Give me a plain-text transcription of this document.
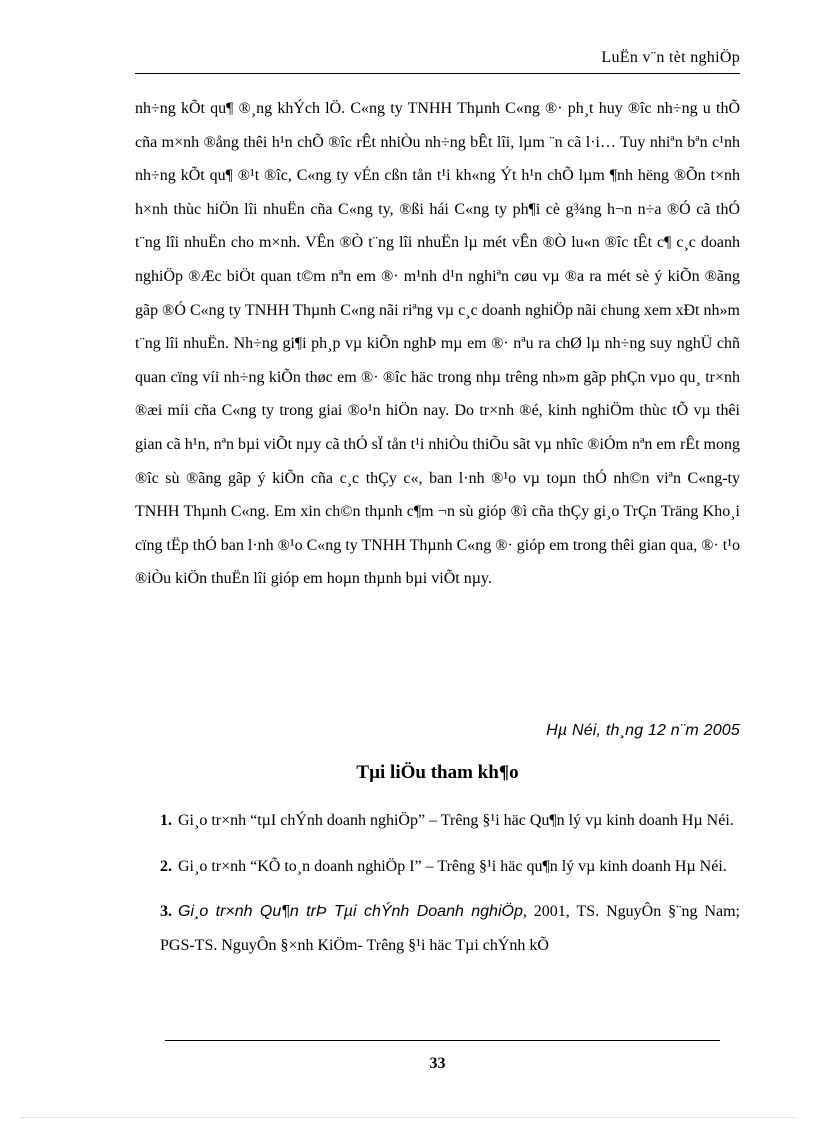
LuËn v¨n tèt nghiÖp

nh÷ng kÕt qu¶ ®¸ng khÝch lÖ. C«ng ty TNHH Thµnh C«ng ®· ph¸t huy ®îc nh÷ng u thÕ cña m×nh ®ång thêi h¹n chÕ ®îc rÊt nhiÒu nh÷ng bÊt lîi, lµm ¨n cã l·i… Tuy nhiªn bªn c¹nh nh÷ng kÕt qu¶ ®¹t ®îc, C«ng ty vÉn cßn tån t¹i kh«ng Ýt h¹n chÕ lµm ¶nh hëng ®Õn t×nh h×nh thùc hiÖn lîi nhuËn cña C«ng ty, ®ßi hái C«ng ty ph¶i cè g¾ng h¬n n÷a ®Ó cã thÓ t¨ng lîi nhuËn cho m×nh. VÊn ®Ò t¨ng lîi nhuËn lµ mét vÊn ®Ò lu«n ®îc tÊt c¶ c¸c doanh nghiÖp ®Æc biÖt quan t©m nªn em ®· m¹nh d¹n nghiªn cøu vµ ®a ra mét sè ý kiÕn ®ãng gãp ®Ó C«ng ty TNHH Thµnh C«ng nãi riªng vµ c¸c doanh nghiÖp nãi chung xem xÐt nh»m t¨ng lîi nhuËn. Nh÷ng gi¶i ph¸p vµ kiÕn nghÞ mµ em ®· nªu ra chØ lµ nh÷ng suy nghÜ chñ quan cïng víi nh÷ng kiÕn thøc em ®· ®îc häc trong nhµ trêng nh»m gãp phÇn vµo qu¸ tr×nh ®æi míi cña C«ng ty trong giai ®o¹n hiÖn nay. Do tr×nh ®é, kinh nghiÖm thùc tÕ vµ thêi gian cã h¹n, nªn bµi viÕt nµy cã thÓ sÏ tån t¹i nhiÒu thiÕu sãt vµ nhîc ®iÓm nªn em rÊt mong ®îc sù ®ãng gãp ý kiÕn cña c¸c thÇy c«, ban l·nh ®¹o vµ toµn thÓ nh©n viªn C«ng-ty TNHH Thµnh C«ng. Em xin ch©n thµnh c¶m ¬n sù gióp ®ì cña thÇy gi¸o TrÇn Träng Kho¸i cïng tËp thÓ ban l·nh ®¹o C«ng ty TNHH Thµnh C«ng ®· gióp em trong thêi gian qua, ®· t¹o ®iÒu kiÖn thuËn lîi gióp em hoµn thµnh bµi viÕt nµy.

Hµ Néi, th¸ng 12 n¨m 2005
Tµi liÖu tham kh¶o
1. Gi¸o tr×nh “tµI chÝnh doanh nghiÖp” – Trêng §¹i häc Qu¶n lý vµ kinh doanh Hµ Néi.
2. Gi¸o tr×nh “KÕ to¸n doanh nghiÖp I” – Trêng §¹i häc qu¶n lý vµ kinh doanh Hµ Néi.
3. Gi¸o tr×nh Qu¶n trÞ Tµi chÝnh Doanh nghiÖp, 2001, TS. NguyÔn §¨ng Nam; PGS-TS. NguyÔn §×nh KiÖm- Trêng §¹i häc Tµi chÝnh kÕ
33
